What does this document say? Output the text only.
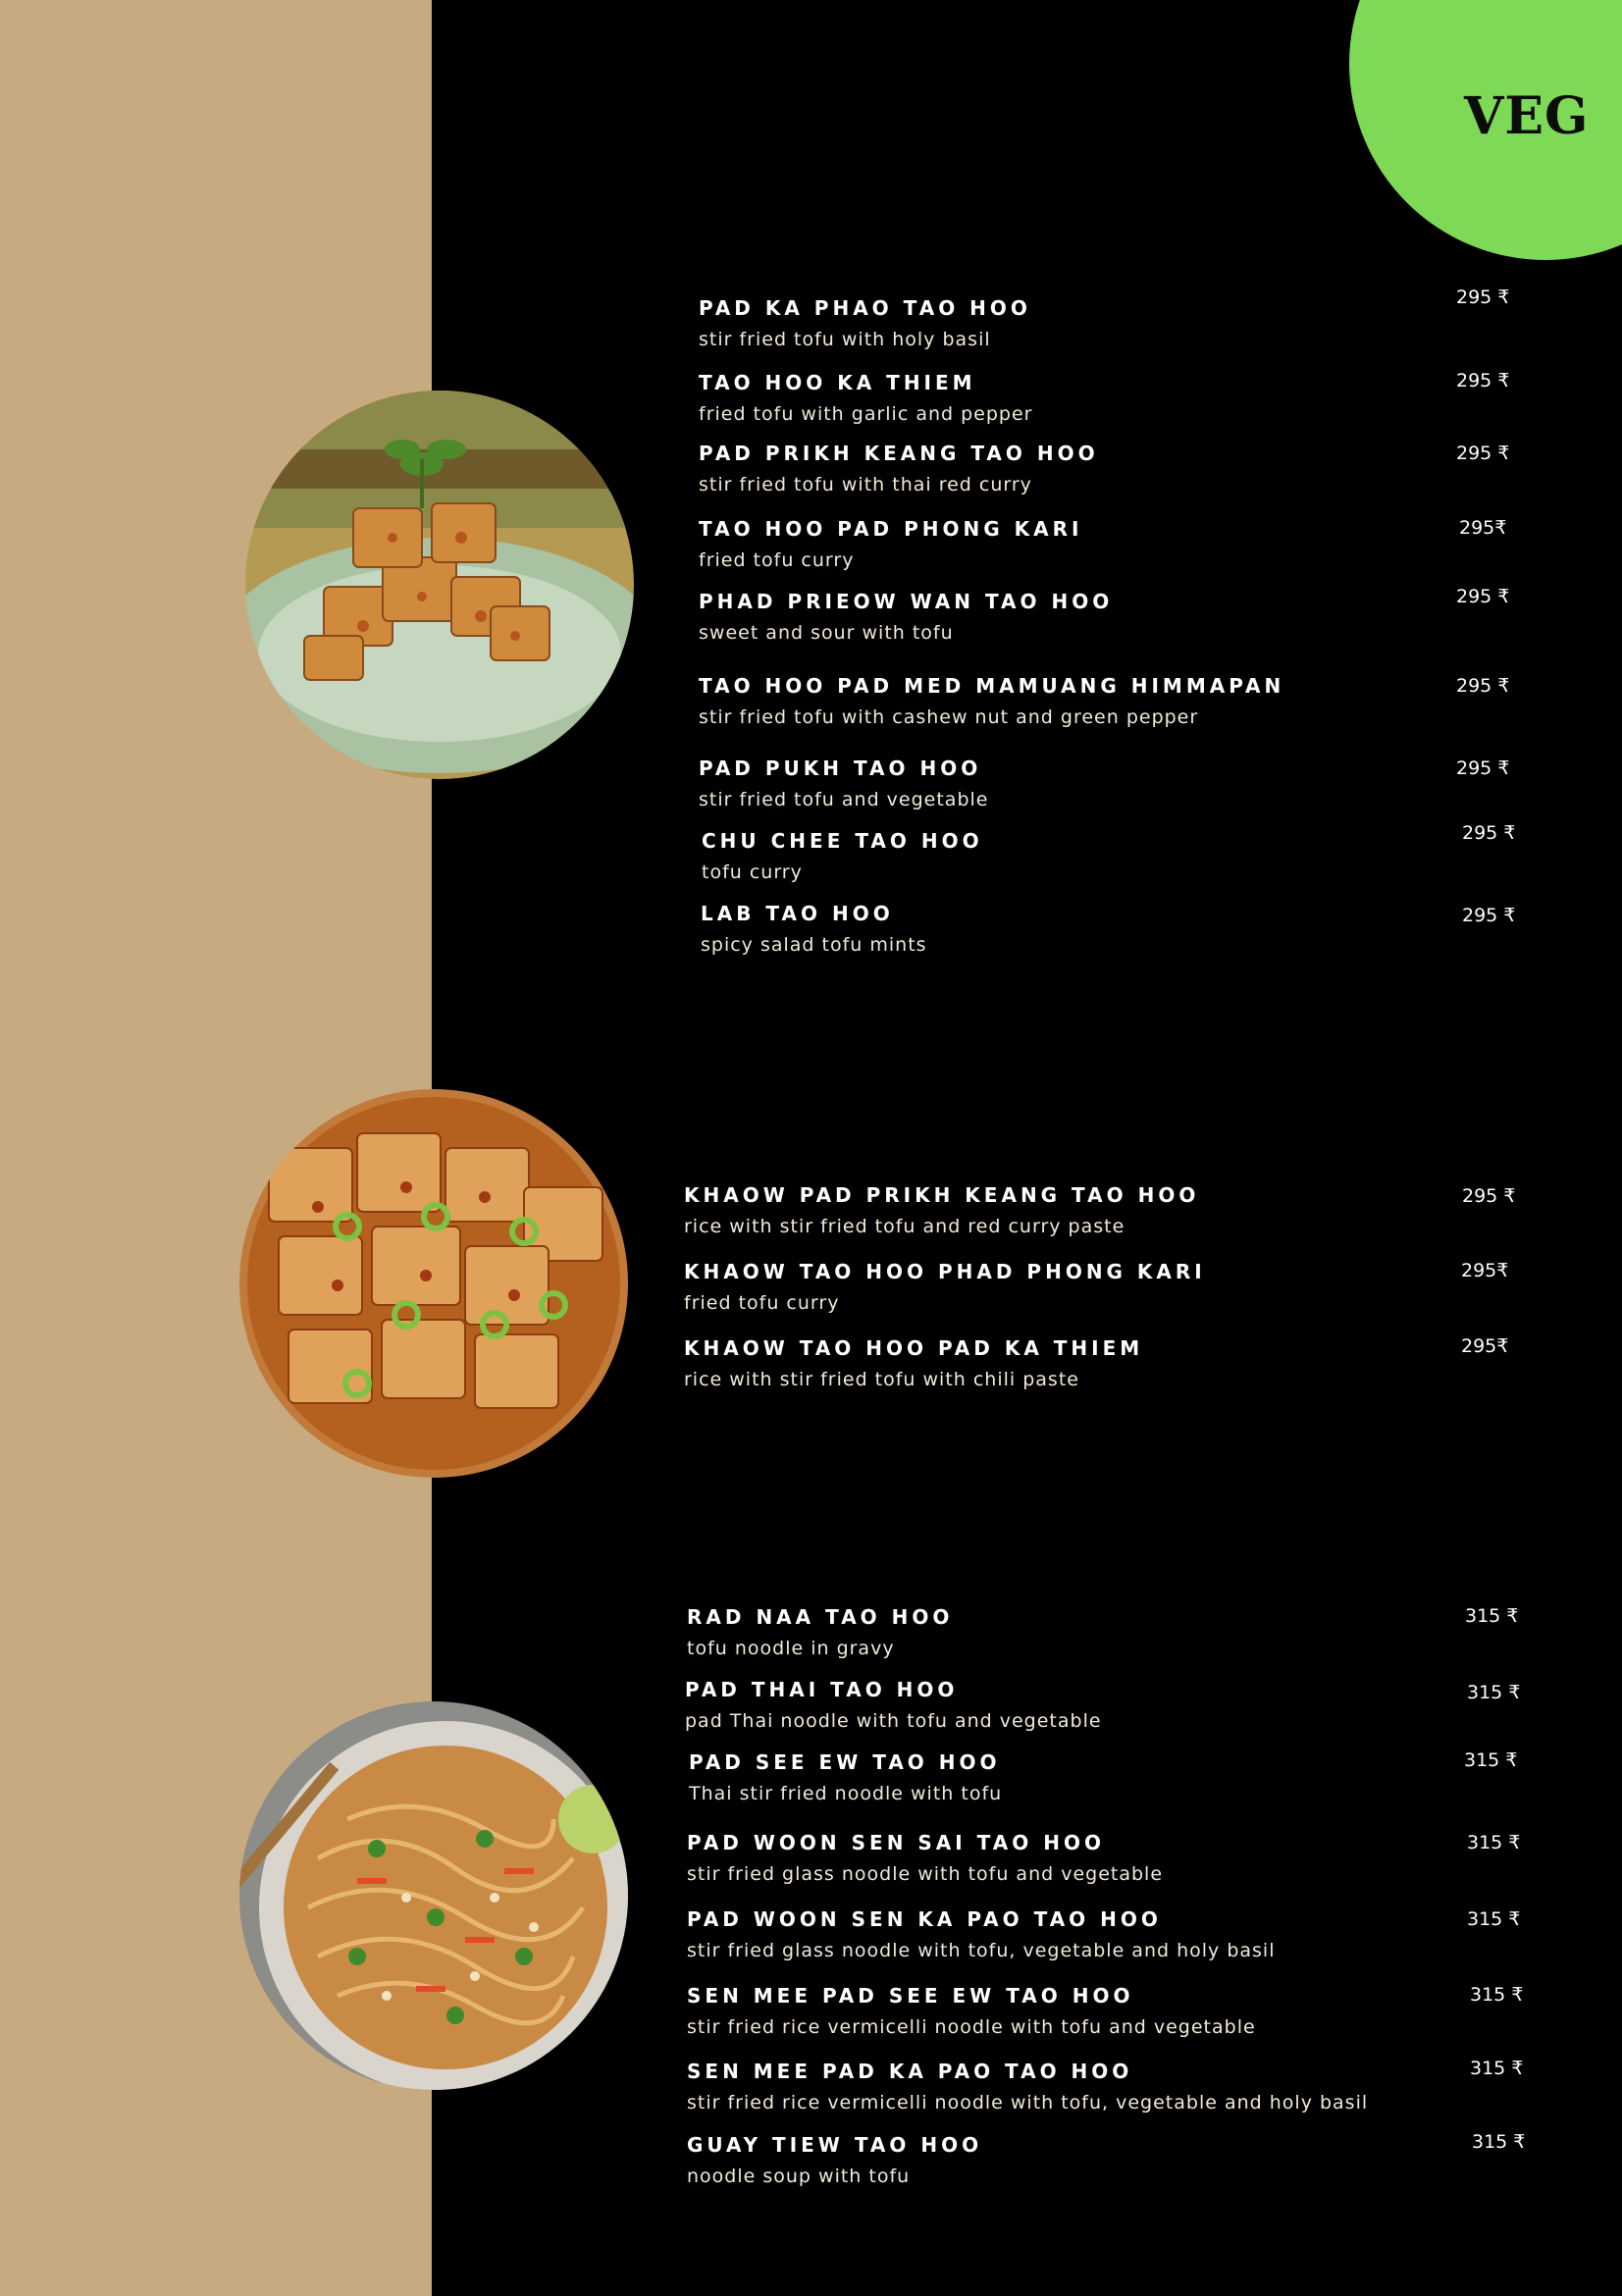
VEG
PAD KA PHAO TAO HOO
stir fried tofu with holy basil
295 ₹
TAO HOO KA THIEM
fried tofu with garlic and pepper
295 ₹
PAD PRIKH KEANG TAO HOO
stir fried tofu with thai red curry
295 ₹
TAO HOO PAD PHONG KARI
fried tofu curry
295₹
PHAD PRIEOW WAN TAO HOO
sweet and sour with tofu
295 ₹
TAO HOO PAD MED MAMUANG HIMMAPAN
stir fried tofu with cashew nut and green pepper
295 ₹
PAD PUKH TAO HOO
stir fried tofu and vegetable
295 ₹
CHU CHEE TAO HOO
tofu curry
295 ₹
LAB TAO HOO
spicy salad tofu mints
295 ₹
KHAOW PAD PRIKH KEANG TAO HOO
rice with stir fried tofu and red curry paste
295 ₹
KHAOW TAO HOO PHAD PHONG KARI
fried tofu curry
295₹
KHAOW TAO HOO PAD KA THIEM
rice with stir fried tofu with chili paste
295₹
RAD NAA TAO HOO
tofu noodle in gravy
315 ₹
PAD THAI TAO HOO
pad Thai noodle with tofu and vegetable
315 ₹
PAD SEE EW TAO HOO
Thai stir fried noodle with tofu
315 ₹
PAD WOON SEN SAI TAO HOO
stir fried glass noodle with tofu and vegetable
315 ₹
PAD WOON SEN KA PAO TAO HOO
stir fried glass noodle with tofu, vegetable and holy basil
315 ₹
SEN MEE PAD SEE EW TAO HOO
stir fried rice vermicelli noodle with tofu and vegetable
315 ₹
SEN MEE PAD KA PAO TAO HOO
stir fried rice vermicelli noodle with tofu, vegetable and holy basil
315 ₹
GUAY TIEW TAO HOO
noodle soup with tofu
315 ₹
